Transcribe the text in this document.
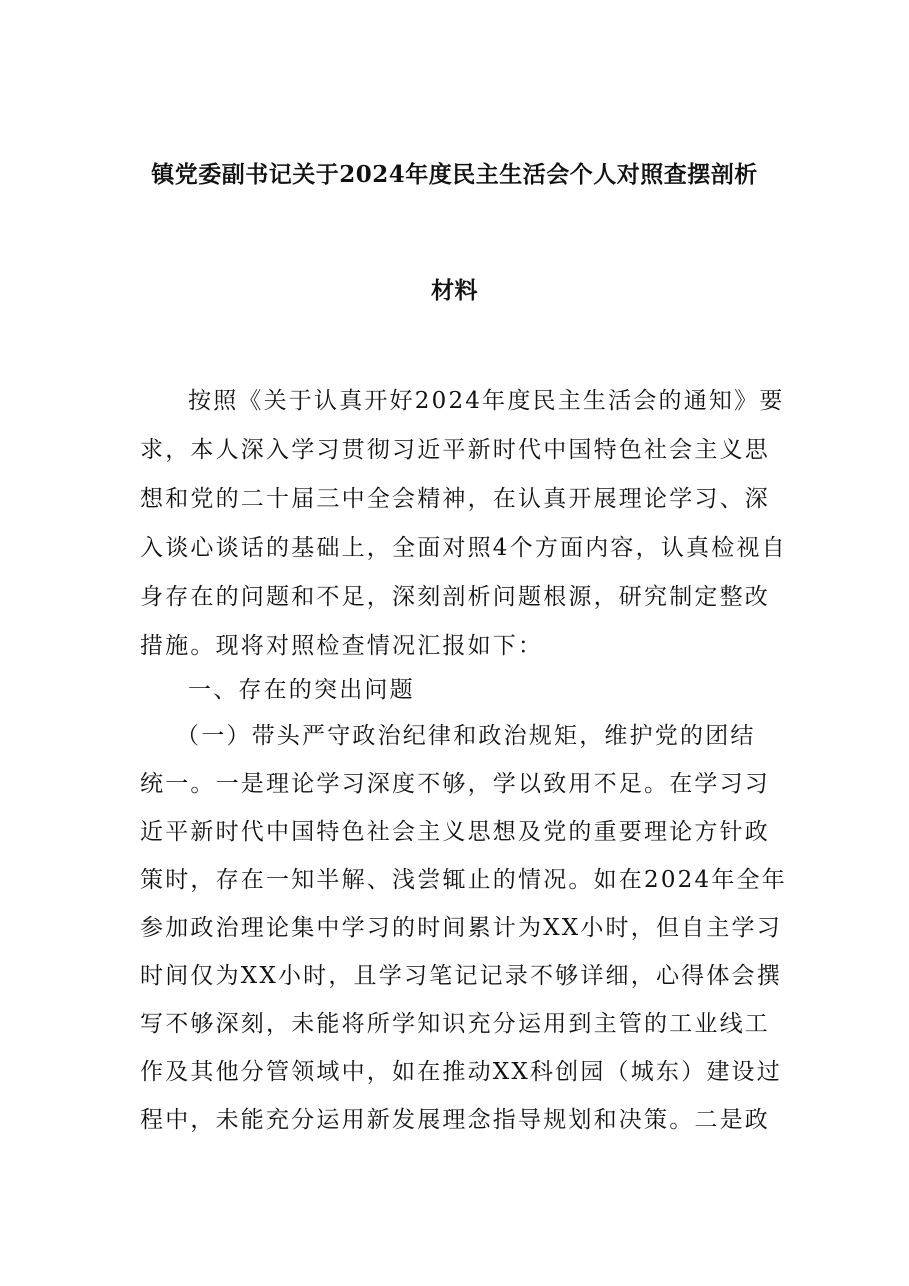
镇党委副书记关于2024年度民主生活会个人对照查摆剖析
材料
按照《关于认真开好2024年度民主生活会的通知》要
求，本人深入学习贯彻习近平新时代中国特色社会主义思
想和党的二十届三中全会精神，在认真开展理论学习、深
入谈心谈话的基础上，全面对照4个方面内容，认真检视自
身存在的问题和不足，深刻剖析问题根源，研究制定整改
措施。现将对照检查情况汇报如下：
一、存在的突出问题
（一）带头严守政治纪律和政治规矩，维护党的团结
统一。一是理论学习深度不够，学以致用不足。在学习习
近平新时代中国特色社会主义思想及党的重要理论方针政
策时，存在一知半解、浅尝辄止的情况。如在2024年全年
参加政治理论集中学习的时间累计为XX小时，但自主学习
时间仅为XX小时，且学习笔记记录不够详细，心得体会撰
写不够深刻，未能将所学知识充分运用到主管的工业线工
作及其他分管领域中，如在推动XX科创园（城东）建设过
程中，未能充分运用新发展理念指导规划和决策。二是政
